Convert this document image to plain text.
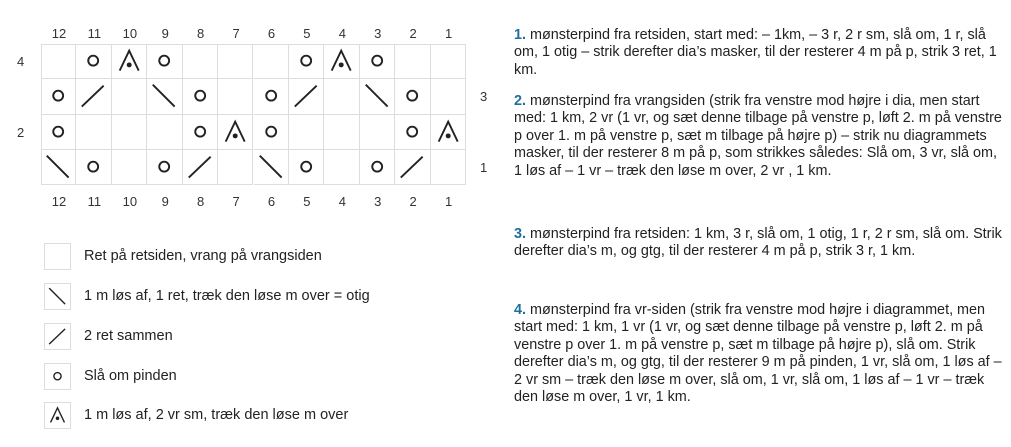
12	11	10	9	8	7	6	5	4	3	2	1
12	11	10	9	8	7	6	5	4	3	2	1
4
3
2
1
Ret på retsiden, vrang på vrangsiden
1 m løs af, 1 ret, træk den løse m over = otig
2 ret sammen
Slå om pinden
1 m løs af, 2 vr sm, træk den løse m over
1. mønsterpind fra retsiden, start med: – 1km, – 3 r, 2 r sm, slå om, 1 r, slå om, 1 otig – strik derefter dia’s masker, til der resterer 4 m på p, strik 3 ret, 1 km.
2. mønsterpind fra vrangsiden (strik fra venstre mod højre i dia, men start med: 1 km, 2 vr (1 vr, og sæt denne tilbage på venstre p, løft 2. m på venstre p over 1. m på venstre p, sæt m tilbage på højre p) – strik nu diagrammets masker, til der resterer 8 m på p, som strikkes således: Slå om, 3 vr, slå om, 1 løs af – 1 vr – træk den løse m over, 2 vr , 1 km.
3. mønsterpind fra retsiden: 1 km, 3 r, slå om, 1 otig, 1 r, 2 r sm, slå om. Strik derefter dia’s m, og gtg, til der resterer 4 m på p, strik 3 r, 1 km.
4. mønsterpind fra vr-siden (strik fra venstre mod højre i diagrammet, men start med: 1 km, 1 vr (1 vr, og sæt denne tilbage på venstre p, løft 2. m på venstre p over 1. m på venstre p, sæt m tilbage på højre p), slå om. Strik derefter dia’s m, og gtg, til der resterer 9 m på pinden, 1 vr, slå om, 1 løs af – 2 vr sm – træk den løse m over, slå om, 1 vr, slå om, 1 løs af – 1 vr – træk den løse m over, 1 vr, 1 km.
